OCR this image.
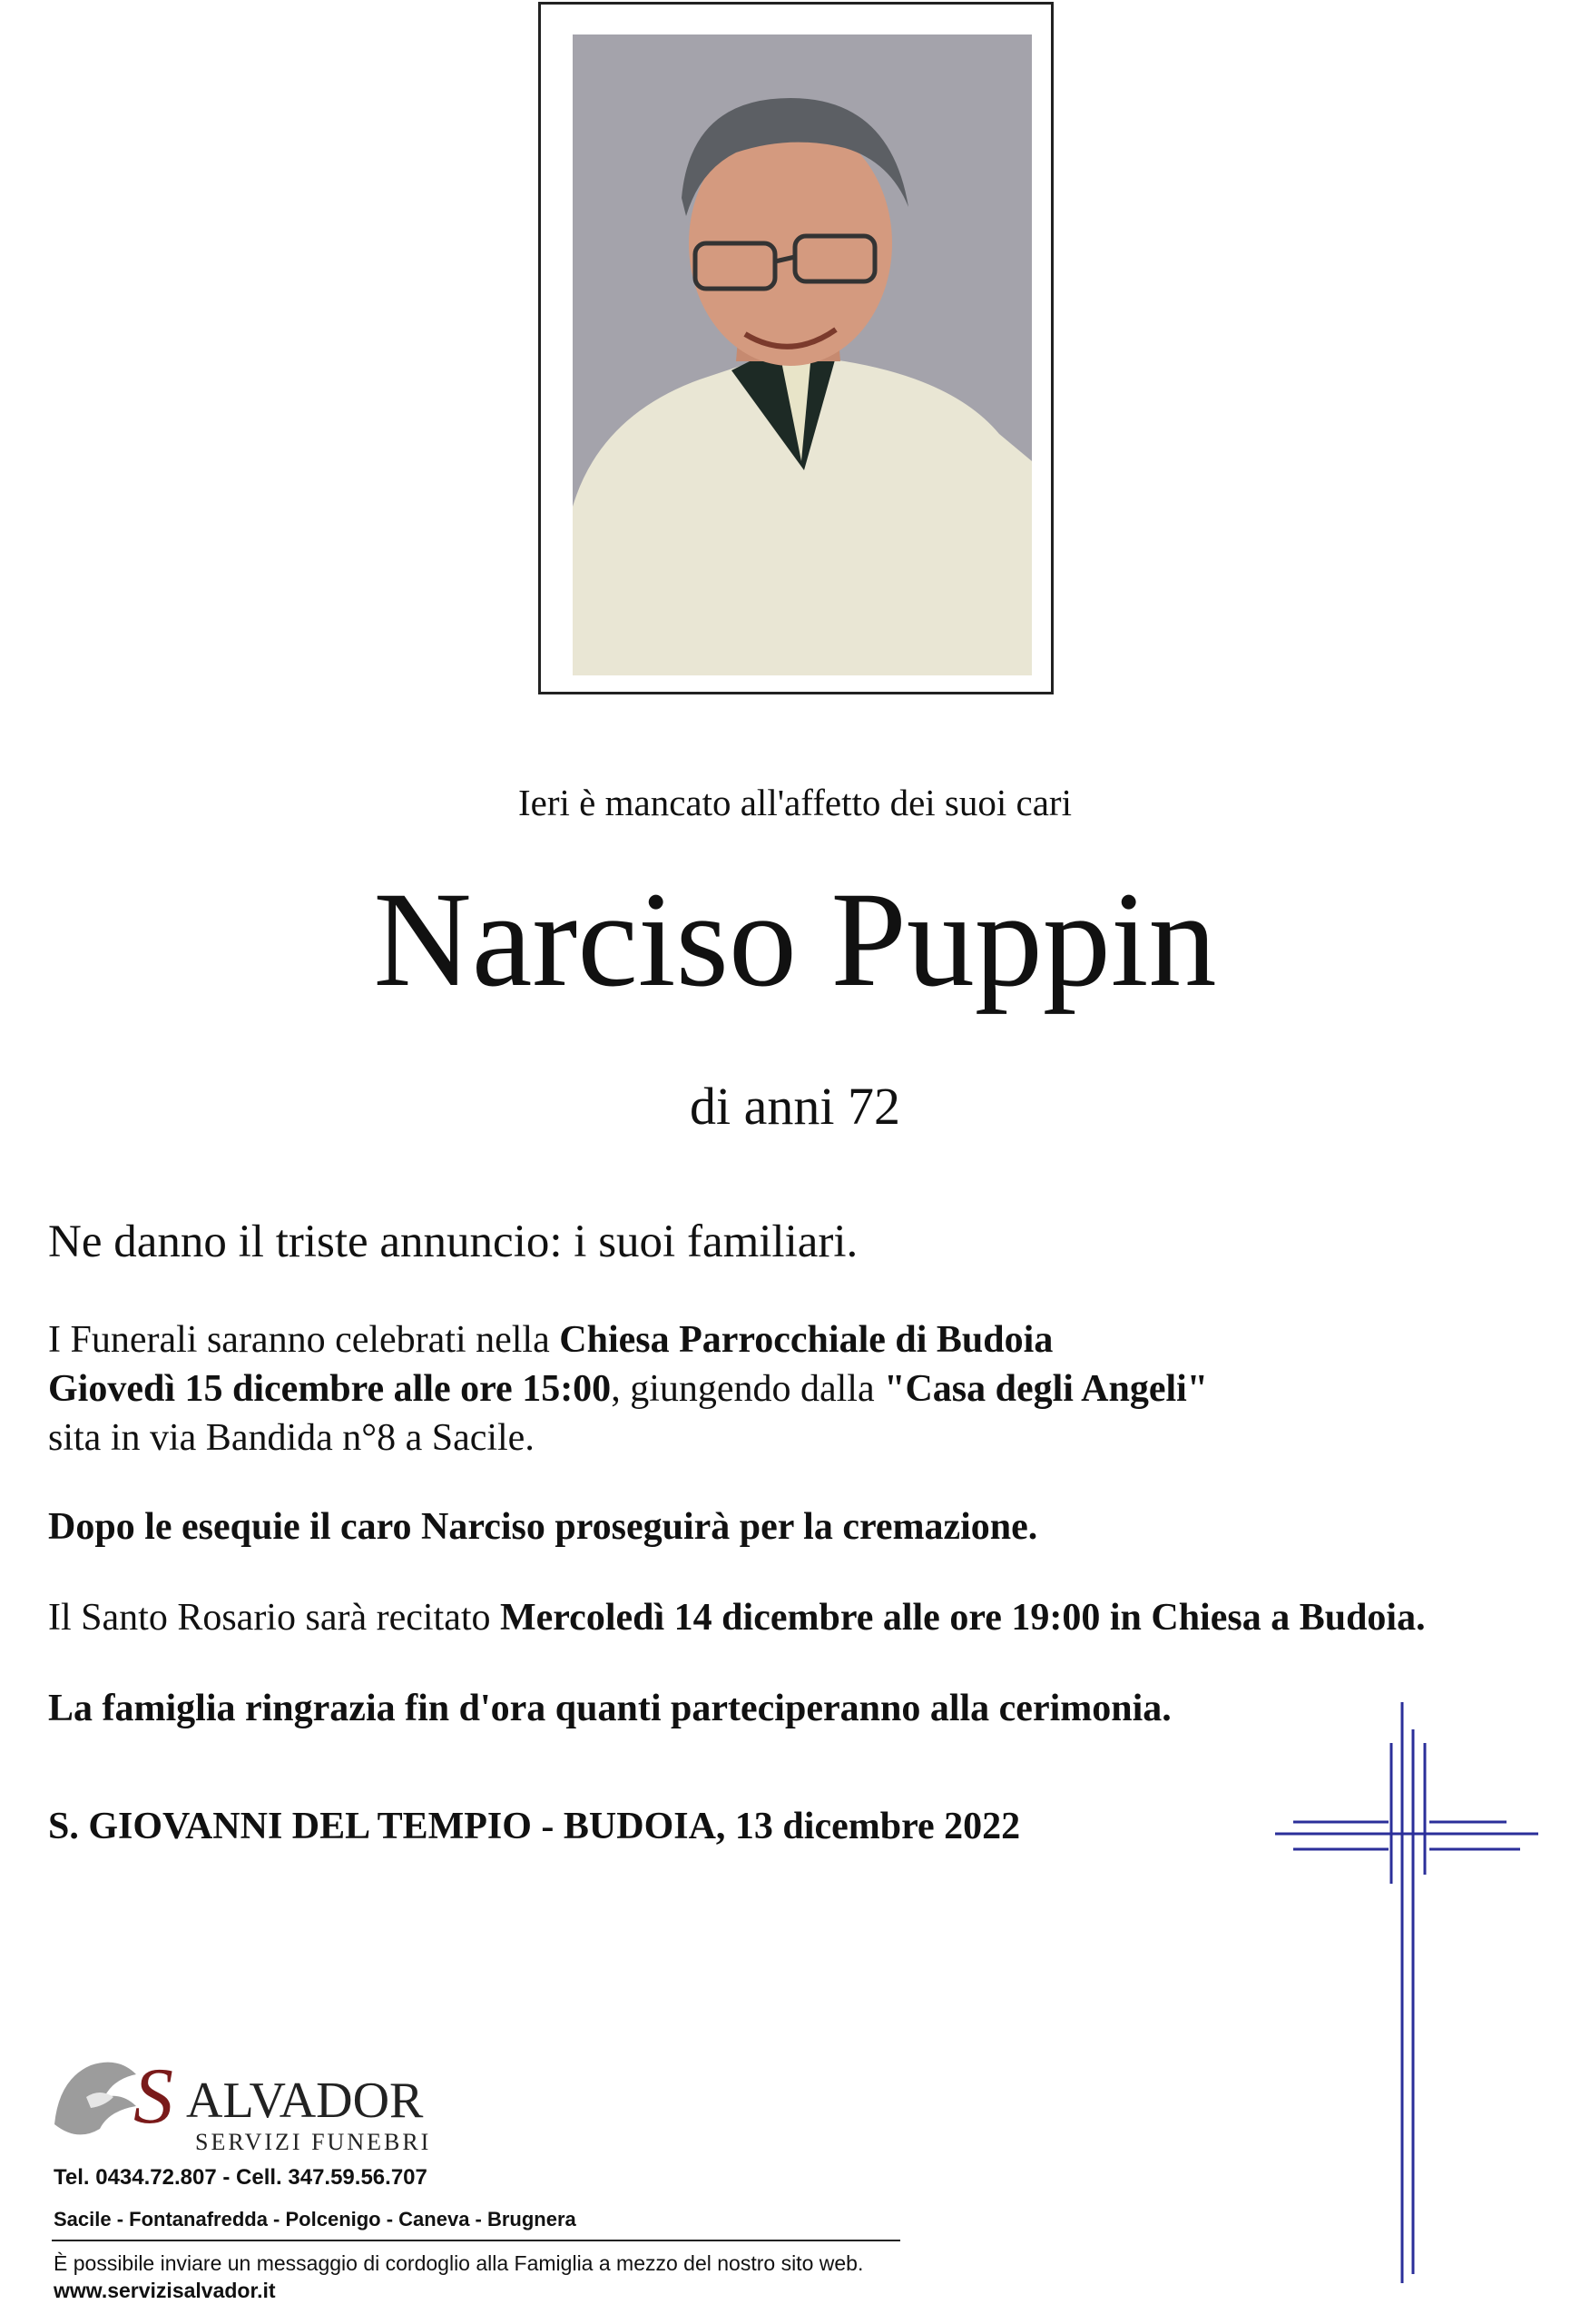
Ieri è mancato all'affetto dei suoi cari
Narciso Puppin
di anni 72
Ne danno il triste annuncio: i suoi familiari.
I Funerali saranno celebrati nella Chiesa Parrocchiale di Budoia
Giovedì 15 dicembre alle ore 15:00, giungendo dalla "Casa degli Angeli"
sita in via Bandida n°8 a Sacile.
Dopo le esequie il caro Narciso proseguirà per la cremazione.
Il Santo Rosario sarà recitato Mercoledì 14 dicembre alle ore 19:00 in Chiesa a Budoia.
La famiglia ringrazia fin d'ora quanti parteciperanno alla cerimonia.
S. GIOVANNI DEL TEMPIO - BUDOIA, 13 dicembre 2022
S ALVADOR
SERVIZI FUNEBRI
Tel. 0434.72.807 - Cell. 347.59.56.707
Sacile - Fontanafredda - Polcenigo - Caneva - Brugnera
È possibile inviare un messaggio di cordoglio alla Famiglia a mezzo del nostro sito web.
www.servizisalvador.it
